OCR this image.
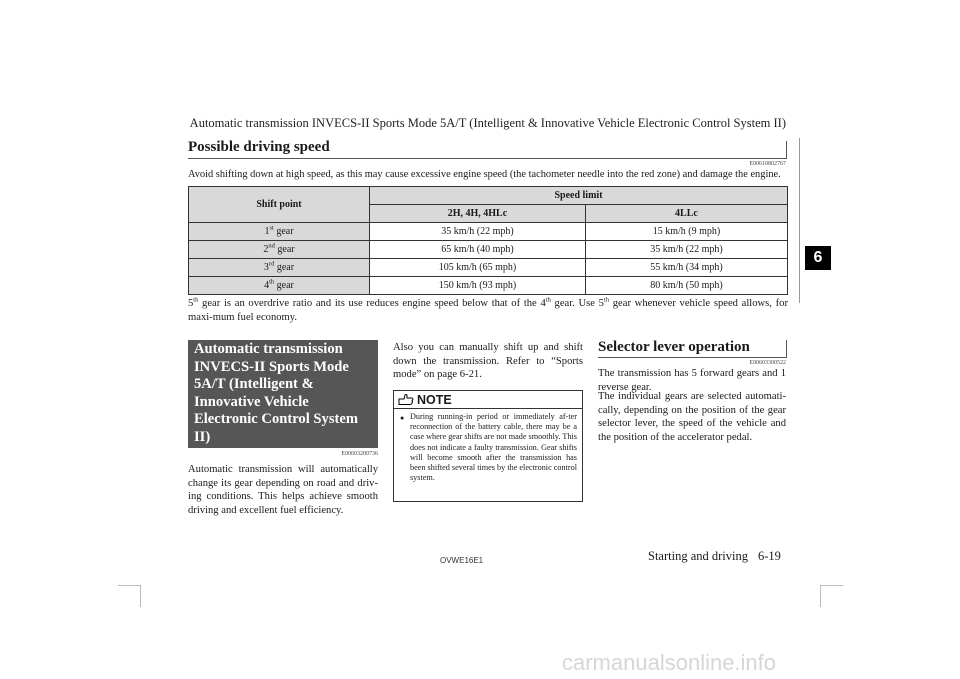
Automatic transmission INVECS-II Sports Mode 5A/T (Intelligent & Innovative Vehicle Electronic Control System II)
6
Possible driving speed
E00610802767
Avoid shifting down at high speed, as this may cause excessive engine speed (the tachometer needle into the red zone) and damage the engine.
Shift point	Speed limit	
	2H, 4H, 4HLc	4LLc
1st gear	35 km/h (22 mph)	15 km/h (9 mph)
2nd gear	65 km/h (40 mph)	35 km/h (22 mph)
3rd gear	105 km/h (65 mph)	55 km/h (34 mph)
4th gear	150 km/h (93 mph)	80 km/h (50 mph)
5th gear is an overdrive ratio and its use reduces engine speed below that of the 4th gear. Use 5th gear whenever vehicle speed allows, for maxi-mum fuel economy.
Automatic transmission INVECS-II Sports Mode 5A/T (Intelligent & Innovative Vehicle Electronic Control System II)
E00603200736
Automatic transmission will automatically change its gear depending on road and driv-ing conditions. This helps achieve smooth driving and excellent fuel efficiency.
Also you can manually shift up and shift down the transmission. Refer to “Sports mode” on page 6-21.
NOTE
● During running-in period or immediately af-ter reconnection of the battery cable, there may be a case where gear shifts are not made smoothly. This does not indicate a faulty transmission. Gear shifts will become smooth after the transmission has been shifted several times by the electronic control system.
Selector lever operation
E00603300522
The transmission has 5 forward gears and 1 reverse gear.
The individual gears are selected automati-cally, depending on the position of the gear selector lever, the speed of the vehicle and the position of the accelerator pedal.
OVWE16E1	Starting and driving 6-19
carmanualsonline.info
